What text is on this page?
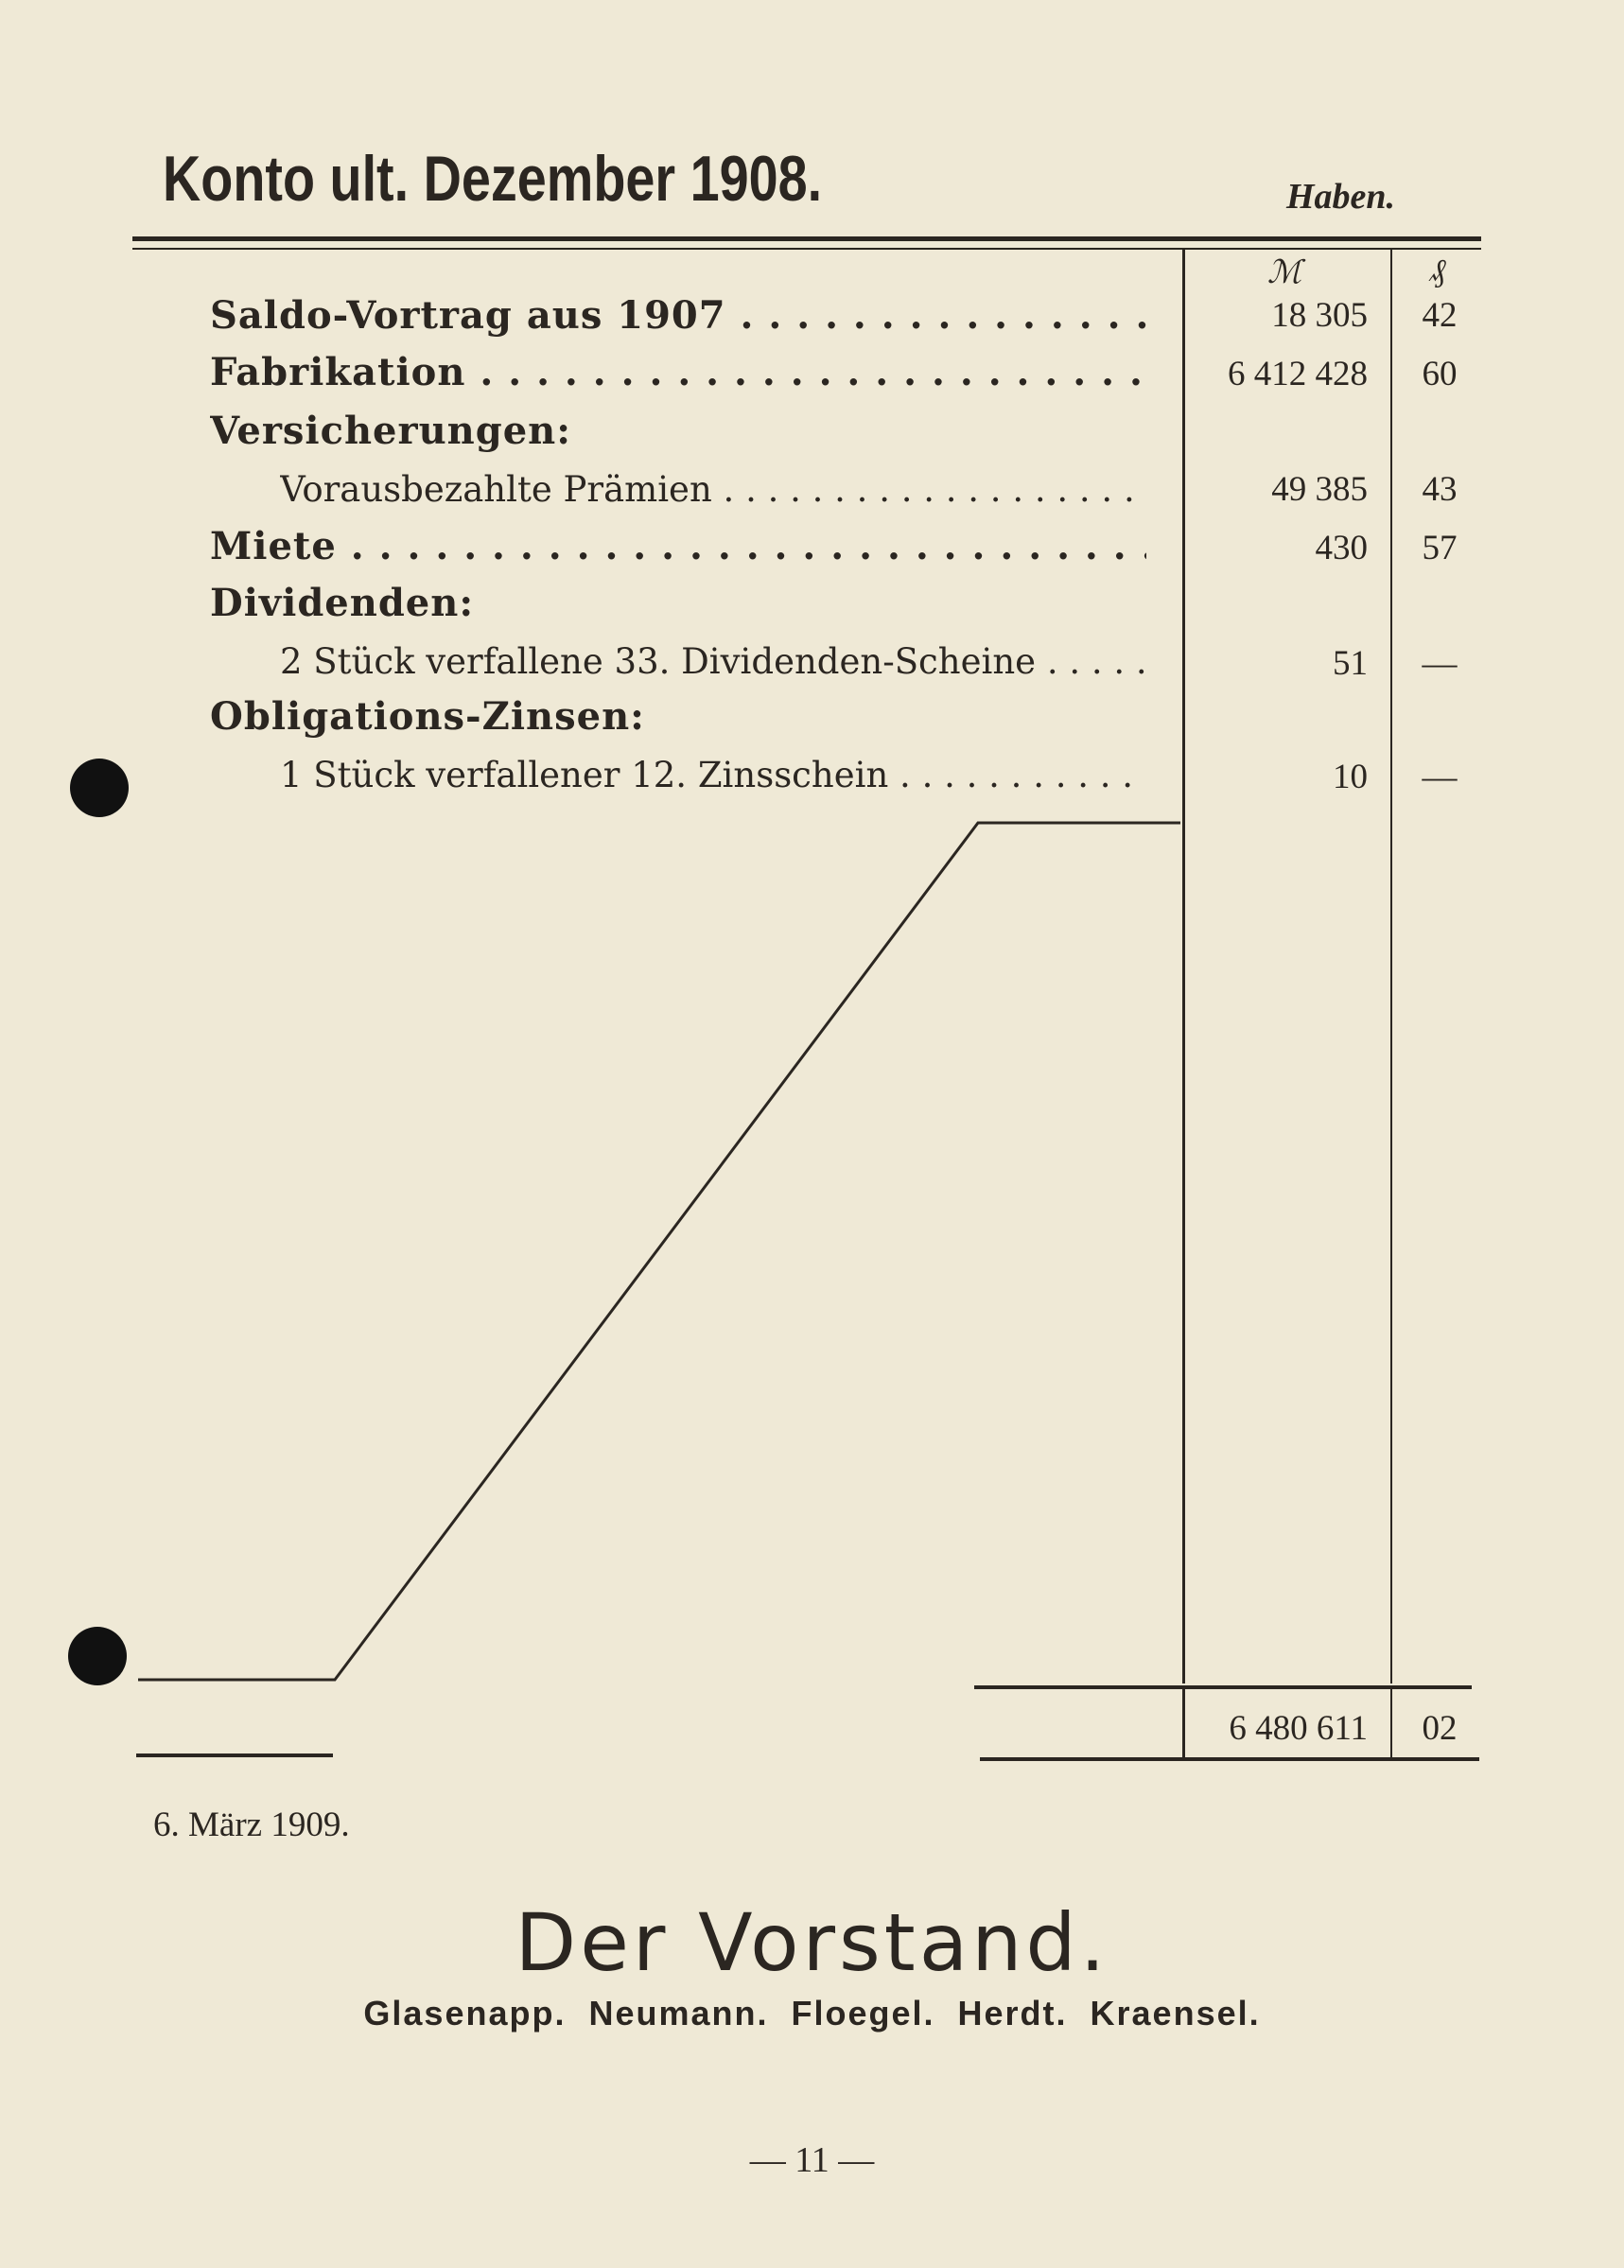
Konto ult. Dezember 1908.	Haben.
ℳ	₰
Saldo-Vortrag aus 1907 . . .	18 305	42
Fabrikation . . .	6 412 428	60
Versicherungen:
Vorausbezahlte Prämien . . .	49 385	43
Miete . . .	430	57
Dividenden:
2 Stück verfallene 33. Dividenden-Scheine . . .	51	—
Obligations-Zinsen:
1 Stück verfallener 12. Zinsschein . . .	10	—
6 480 611	02
6. März 1909.
Der Vorstand.
Glasenapp.  Neumann.  Floegel.  Herdt.  Kraensel.
— 11 —
